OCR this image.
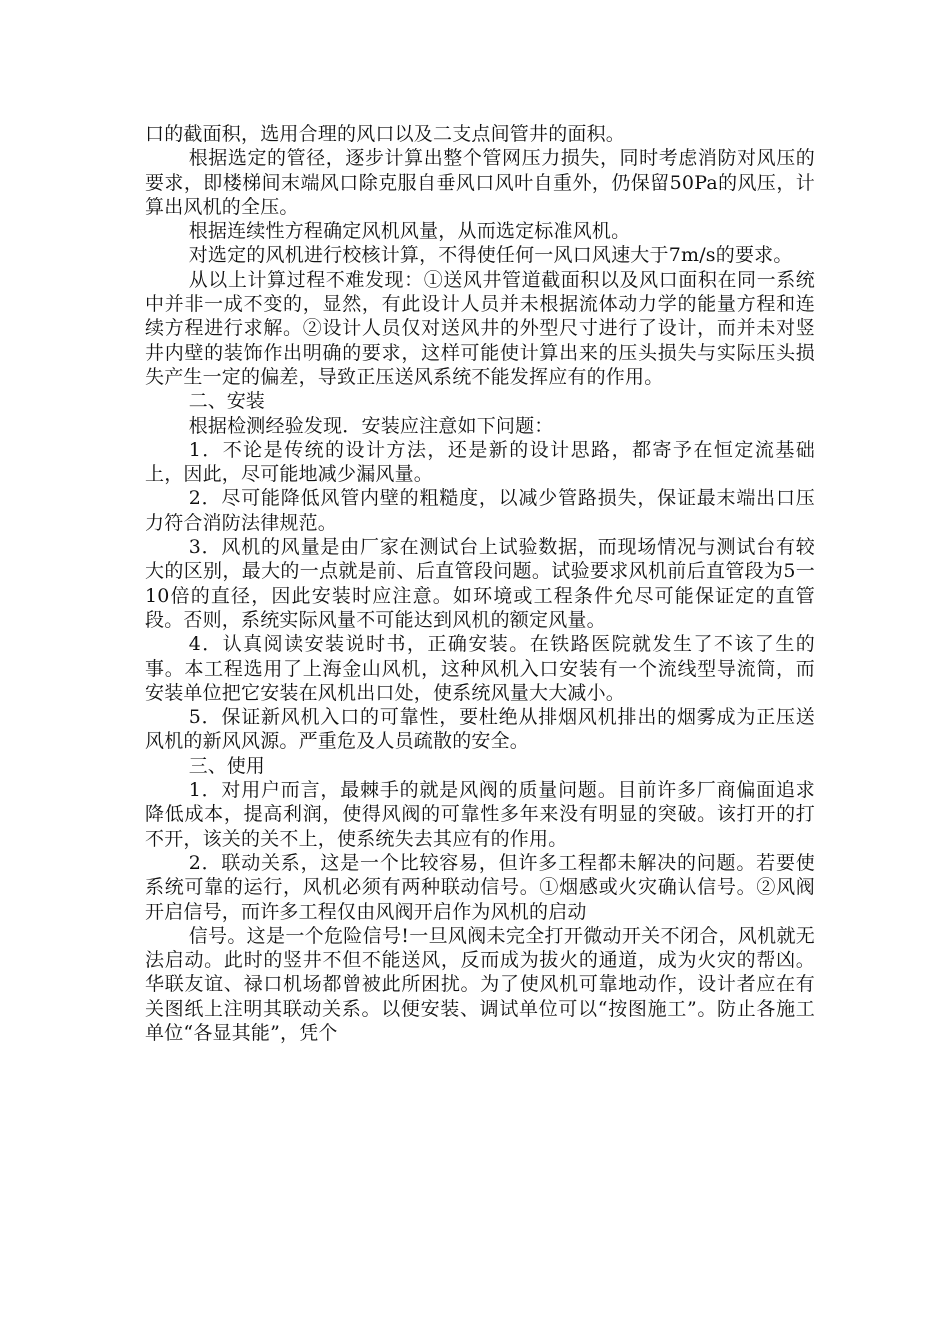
口的截面积，选用合理的风口以及二支点间管井的面积。

根据选定的管径，逐步计算出整个管网压力损失，同时考虑消防对风压的要求，即楼梯间末端风口除克服自垂风口风叶自重外，仍保留50Pa的风压，计算出风机的全压。

根据连续性方程确定风机风量，从而选定标准风机。

对选定的风机进行校核计算，不得使任何一风口风速大于7m/s的要求。

从以上计算过程不难发现：①送风井管道截面积以及风口面积在同一系统中并非一成不变的，显然，有此设计人员并未根据流体动力学的能量方程和连续方程进行求解。②设计人员仅对送风井的外型尺寸进行了设计，而并未对竖井内壁的装饰作出明确的要求，这样可能使计算出来的压头损失与实际压头损失产生一定的偏差，导致正压送风系统不能发挥应有的作用。

二、安装

根据检测经验发现．安装应注意如下问题：

1．不论是传统的设计方法，还是新的设计思路，都寄予在恒定流基础上，因此，尽可能地减少漏风量。

2．尽可能降低风管内壁的粗糙度，以减少管路损失，保证最末端出口压力符合消防法律规范。

3．风机的风量是由厂家在测试台上试验数据，而现场情况与测试台有较大的区别，最大的一点就是前、后直管段问题。试验要求风机前后直管段为5一10倍的直径，因此安装时应注意。如环境或工程条件允尽可能保证定的直管段。否则，系统实际风量不可能达到风机的额定风量。

4．认真阅读安装说时书，正确安装。在铁路医院就发生了不该了生的事。本工程选用了上海金山风机，这种风机入口安装有一个流线型导流筒，而安装单位把它安装在风机出口处，使系统风量大大减小。

5．保证新风机入口的可靠性，要杜绝从排烟风机排出的烟雾成为正压送风机的新风风源。严重危及人员疏散的安全。

三、使用

1．对用户而言，最棘手的就是风阀的质量问题。目前许多厂商偏面追求降低成本，提高利润，使得风阀的可靠性多年来没有明显的突破。该打开的打不开，该关的关不上，使系统失去其应有的作用。

2．联动关系，这是一个比较容易，但许多工程都未解决的问题。若要使系统可靠的运行，风机必须有两种联动信号。①烟感或火灾确认信号。②风阀开启信号，而许多工程仅由风阀开启作为风机的启动

信号。这是一个危险信号!一旦风阀未完全打开微动开关不闭合，风机就无法启动。此时的竖井不但不能送风，反而成为拔火的通道，成为火灾的帮凶。华联友谊、禄口机场都曾被此所困扰。为了使风机可靠地动作，设计者应在有关图纸上注明其联动关系。以便安装、调试单位可以“按图施工”。防止各施工单位“各显其能”，凭个
